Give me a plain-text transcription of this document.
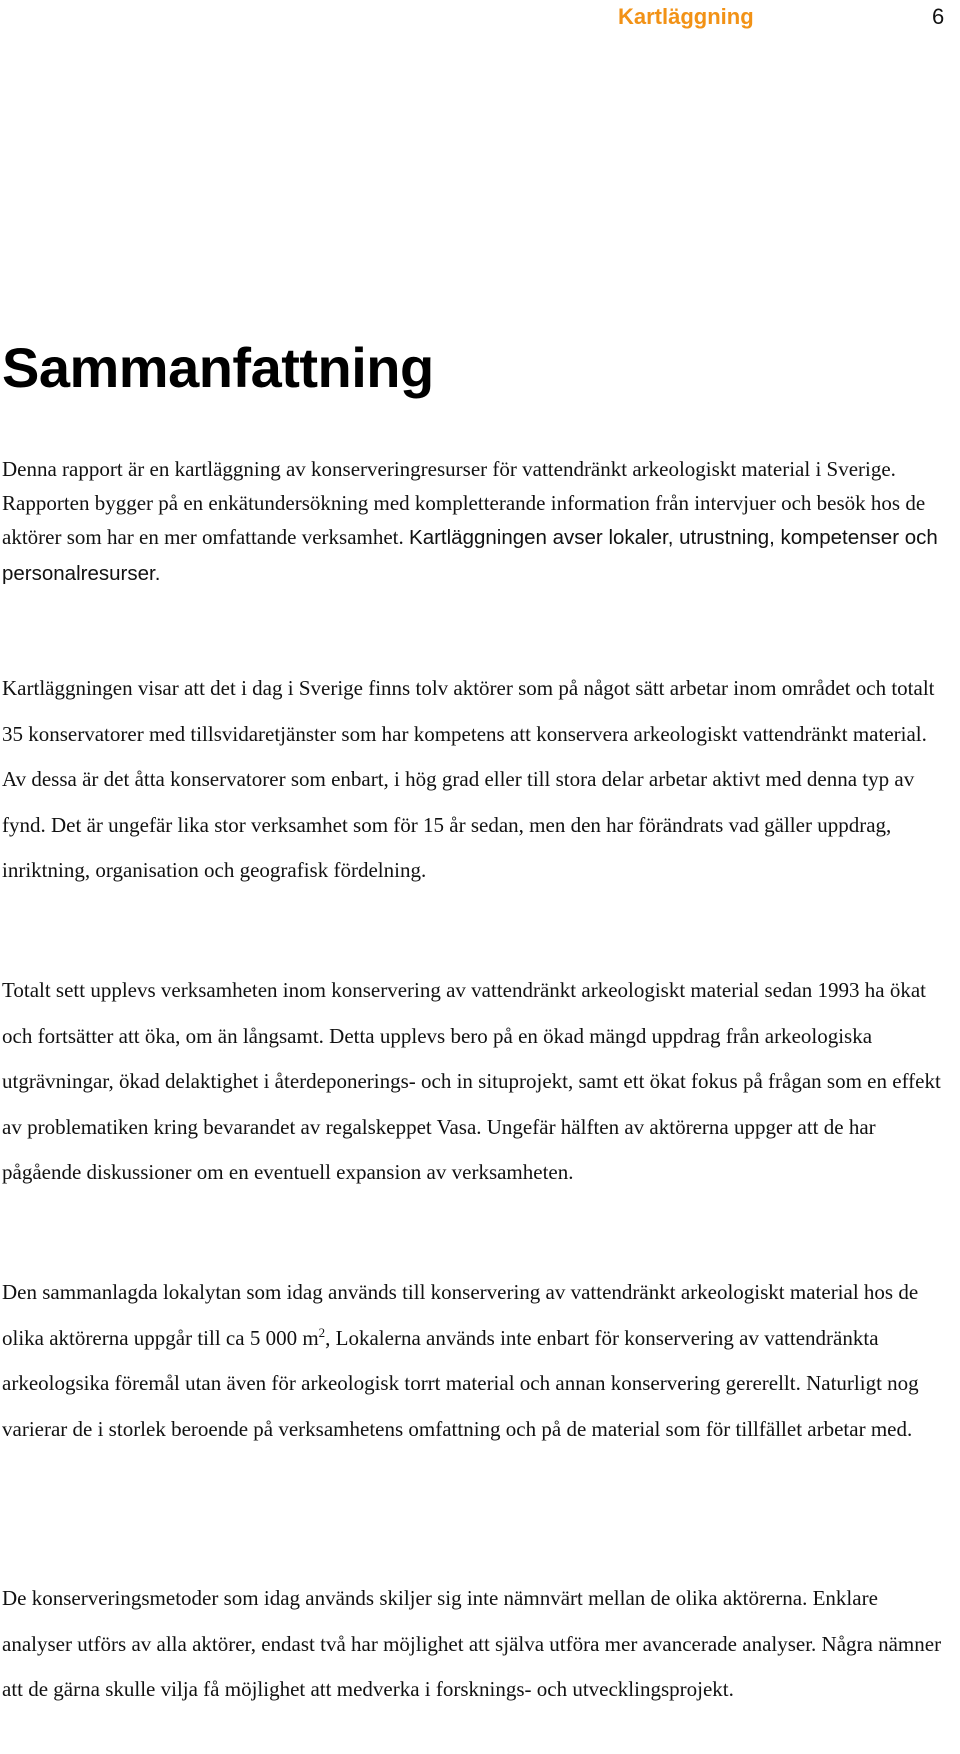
Kartläggning	6
Sammanfattning

Denna rapport är en kartläggning av konserveringresurser för vattendränkt arkeologiskt material i Sverige. Rapporten bygger på en enkätundersökning med kompletterande information från intervjuer och besök hos de aktörer som har en mer omfattande verksamhet. Kartläggningen avser lokaler, utrustning, kompetenser och personalresurser.

Kartläggningen visar att det i dag i Sverige finns tolv aktörer som på något sätt arbetar inom området och totalt 35 konservatorer med tillsvidaretjänster som har kompetens att konservera arkeologiskt vattendränkt material. Av dessa är det åtta konservatorer som enbart, i hög grad eller till stora delar arbetar aktivt med denna typ av fynd. Det är ungefär lika stor verksamhet som för 15 år sedan, men den har förändrats vad gäller uppdrag, inriktning, organisation och geografisk fördelning.

Totalt sett upplevs verksamheten inom konservering av vattendränkt arkeologiskt material sedan 1993 ha ökat och fortsätter att öka, om än långsamt. Detta upplevs bero på en ökad mängd uppdrag från arkeologiska utgrävningar, ökad delaktighet i återdeponerings- och in situprojekt, samt ett ökat fokus på frågan som en effekt av problematiken kring bevarandet av regalskeppet Vasa. Ungefär hälften av aktörerna uppger att de har pågående diskussioner om en eventuell expansion av verksamheten.

Den sammanlagda lokalytan som idag används till konservering av vattendränkt arkeologiskt material hos de olika aktörerna uppgår till ca 5 000 $m^2$, Lokalerna används inte enbart för konservering av vattendränkta arkeologsika föremål utan även för arkeologisk torrt material och annan konservering gererellt. Naturligt nog varierar de i storlek beroende på verksamhetens omfattning och på de material som för tillfället arbetar med.

De konserveringsmetoder som idag används skiljer sig inte nämnvärt mellan de olika aktörerna. Enklare analyser utförs av alla aktörer, endast två har möjlighet att själva utföra mer avancerade analyser. Några nämner att de gärna skulle vilja få möjlighet att medverka i forsknings- och utvecklingsprojekt.
